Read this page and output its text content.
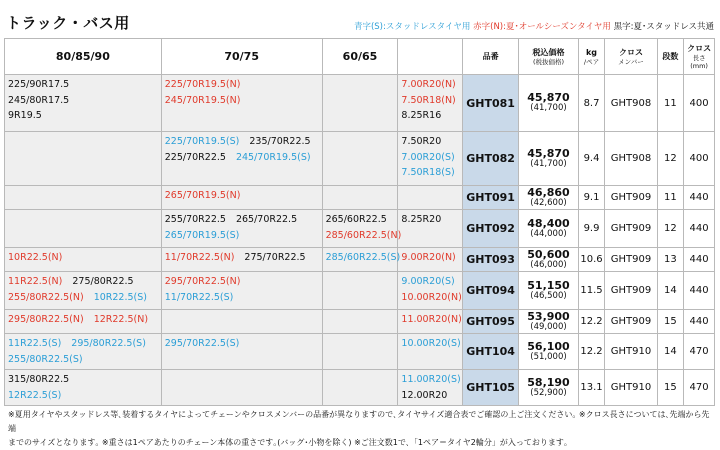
トラック・バス用	青字(S):スタッドレスタイヤ用 赤字(N):夏･オールシーズンタイヤ用 黒字:夏･スタッドレス共通
80/85/90	70/75	60/65		品番	税込価格
(税抜価格)	kg
/ペア	クロス
メンバー	段数	クロス
長さ
(mm)

225/90R17.5
245/80R17.5
9R19.5	225/70R19.5(N)
245/70R19.5(N)		7.00R20(N)
7.50R18(N)
8.25R16	GHT081	45,870
(41,700)	8.7	GHT908	11	400

	225/70R19.5(S) 235/70R22.5
225/70R22.5 245/70R19.5(S)		7.50R20
7.00R20(S)
7.50R18(S)	GHT082	45,870
(41,700)	9.4	GHT908	12	400

	265/70R19.5(N)			GHT091	46,860
(42,600)	9.1	GHT909	11	440

	255/70R22.5 265/70R22.5
265/70R19.5(S)	265/60R22.5
285/60R22.5(N)	8.25R20	GHT092	48,400
(44,000)	9.9	GHT909	12	440

10R22.5(N)	11/70R22.5(N) 275/70R22.5	285/60R22.5(S)	9.00R20(N)	GHT093	50,600
(46,000)	10.6	GHT909	13	440

11R22.5(N) 275/80R22.5
255/80R22.5(N) 10R22.5(S)	295/70R22.5(N)
11/70R22.5(S)		9.00R20(S)
10.00R20(N)	GHT094	51,150
(46,500)	11.5	GHT909	14	440

295/80R22.5(N) 12R22.5(N)			11.00R20(N)	GHT095	53,900
(49,000)	12.2	GHT909	15	440

11R22.5(S) 295/80R22.5(S)
255/80R22.5(S)	295/70R22.5(S)		10.00R20(S)	GHT104	56,100
(51,000)	12.2	GHT910	14	470

315/80R22.5
12R22.5(S)			11.00R20(S)
12.00R20	GHT105	58,190
(52,900)	13.1	GHT910	15	470
※夏用タイヤやスタッドレス等､装着するタイヤによってチェーンやクロスメンバーの品番が異なりますので､タイヤサイズ適合表でご確認の上ご注文ください｡ ※クロス長さについては､先端から先端
までのサイズとなります｡ ※重さは1ペアあたりのチェーン本体の重さです｡(バッグ･小物を除く) ※ご注文数1で､「1ペア＝タイヤ2輪分」が入っております｡
